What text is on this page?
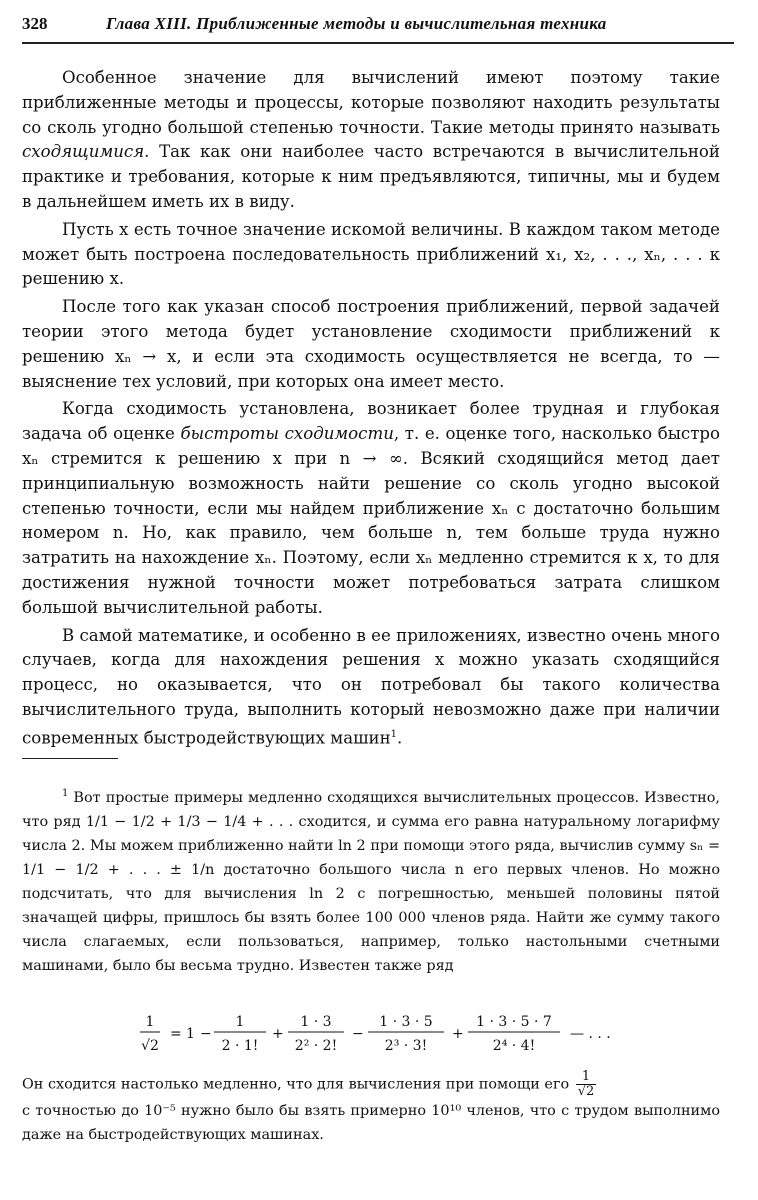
328	Глава XIII. Приближенные методы и вычислительная техника

Особенное значение для вычислений имеют поэтому такие приближенные методы и процессы, которые позволяют находить результаты со сколь угодно большой степенью точности. Такие методы принято называть сходящимися. Так как они наиболее часто встречаются в вычислительной практике и требования, которые к ним предъявляются, типичны, мы и будем в дальнейшем иметь их в виду.

Пусть x есть точное значение искомой величины. В каждом таком методе может быть построена последовательность приближений x₁, x₂, . . ., xₙ, . . . к решению x.

После того как указан способ построения приближений, первой задачей теории этого метода будет установление сходимости приближений к решению xₙ → x, и если эта сходимость осуществляется не всегда, то — выяснение тех условий, при которых она имеет место.

Когда сходимость установлена, возникает более трудная и глубокая задача об оценке быстроты сходимости, т. е. оценке того, насколько быстро xₙ стремится к решению x при n → ∞. Всякий сходящийся метод дает принципиальную возможность найти решение со сколь угодно высокой степенью точности, если мы найдем приближение xₙ с достаточно большим номером n. Но, как правило, чем больше n, тем больше труда нужно затратить на нахождение xₙ. Поэтому, если xₙ медленно стремится к x, то для достижения нужной точности может потребоваться затрата слишком большой вычислительной работы.

В самой математике, и особенно в ее приложениях, известно очень много случаев, когда для нахождения решения x можно указать сходящийся процесс, но оказывается, что он потребовал бы такого количества вычислительного труда, выполнить который невозможно даже при наличии современных быстродействующих машин$^1$.

$^1$ Вот простые примеры медленно сходящихся вычислительных процессов. Известно, что ряд 1/1 − 1/2 + 1/3 − 1/4 + . . . сходится, и сумма его равна натуральному логарифму числа 2. Мы можем приближенно найти ln 2 при помощи этого ряда, вычислив сумму sₙ = 1/1 − 1/2 + . . . ± 1/n достаточно большого числа n его первых членов. Но можно подсчитать, что для вычисления ln 2 с погрешностью, меньшей половины пятой значащей цифры, пришлось бы взять более 100 000 членов ряда. Найти же сумму такого числа слагаемых, если пользоваться, например, только настольными счетными машинами, было бы весьма трудно. Известен также ряд

1
√2
= 1 −
1
2 · 1!
+
1 · 3
2² · 2!
−
1 · 3 · 5
2³ · 3!
+
1 · 3 · 5 · 7
2⁴ · 4!
— . . .

Он сходится настолько медленно, что для вычисления при помощи его $\frac{1}{√2}$

с точностью до 10⁻⁵ нужно было бы взять примерно 10¹⁰ членов, что с трудом выполнимо даже на быстродействующих машинах.
